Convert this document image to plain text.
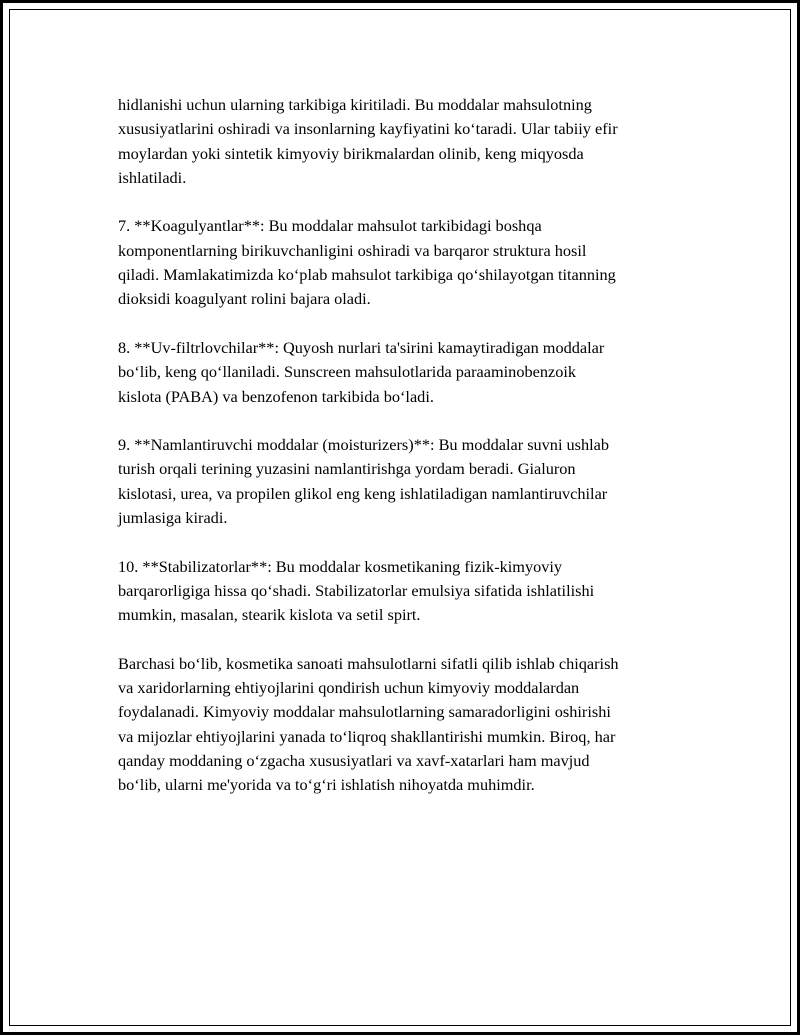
hidlanishi uchun ularning tarkibiga kiritiladi. Bu moddalar mahsulotning
xususiyatlarini oshiradi va insonlarning kayfiyatini koʻtaradi. Ular tabiiy efir
moylardan yoki sintetik kimyoviy birikmalardan olinib, keng miqyosda
ishlatiladi.

7. **Koagulyantlar**: Bu moddalar mahsulot tarkibidagi boshqa
komponentlarning birikuvchanligini oshiradi va barqaror struktura hosil
qiladi. Mamlakatimizda koʻplab mahsulot tarkibiga qoʻshilayotgan titanning
dioksidi koagulyant rolini bajara oladi.

8. **Uv-filtrlovchilar**: Quyosh nurlari ta'sirini kamaytiradigan moddalar
boʻlib, keng qoʻllaniladi. Sunscreen mahsulotlarida paraaminobenzoik
kislota (PABA) va benzofenon tarkibida boʻladi.

9. **Namlantiruvchi moddalar (moisturizers)**: Bu moddalar suvni ushlab
turish orqali terining yuzasini namlantirishga yordam beradi. Gialuron
kislotasi, urea, va propilen glikol eng keng ishlatiladigan namlantiruvchilar
jumlasiga kiradi.

10. **Stabilizatorlar**: Bu moddalar kosmetikaning fizik-kimyoviy
barqarorligiga hissa qoʻshadi. Stabilizatorlar emulsiya sifatida ishlatilishi
mumkin, masalan, stearik kislota va setil spirt.

Barchasi boʻlib, kosmetika sanoati mahsulotlarni sifatli qilib ishlab chiqarish
va xaridorlarning ehtiyojlarini qondirish uchun kimyoviy moddalardan
foydalanadi. Kimyoviy moddalar mahsulotlarning samaradorligini oshirishi
va mijozlar ehtiyojlarini yanada toʻliqroq shakllantirishi mumkin. Biroq, har
qanday moddaning oʻzgacha xususiyatlari va xavf-xatarlari ham mavjud
boʻlib, ularni me'yorida va toʻgʻri ishlatish nihoyatda muhimdir.
